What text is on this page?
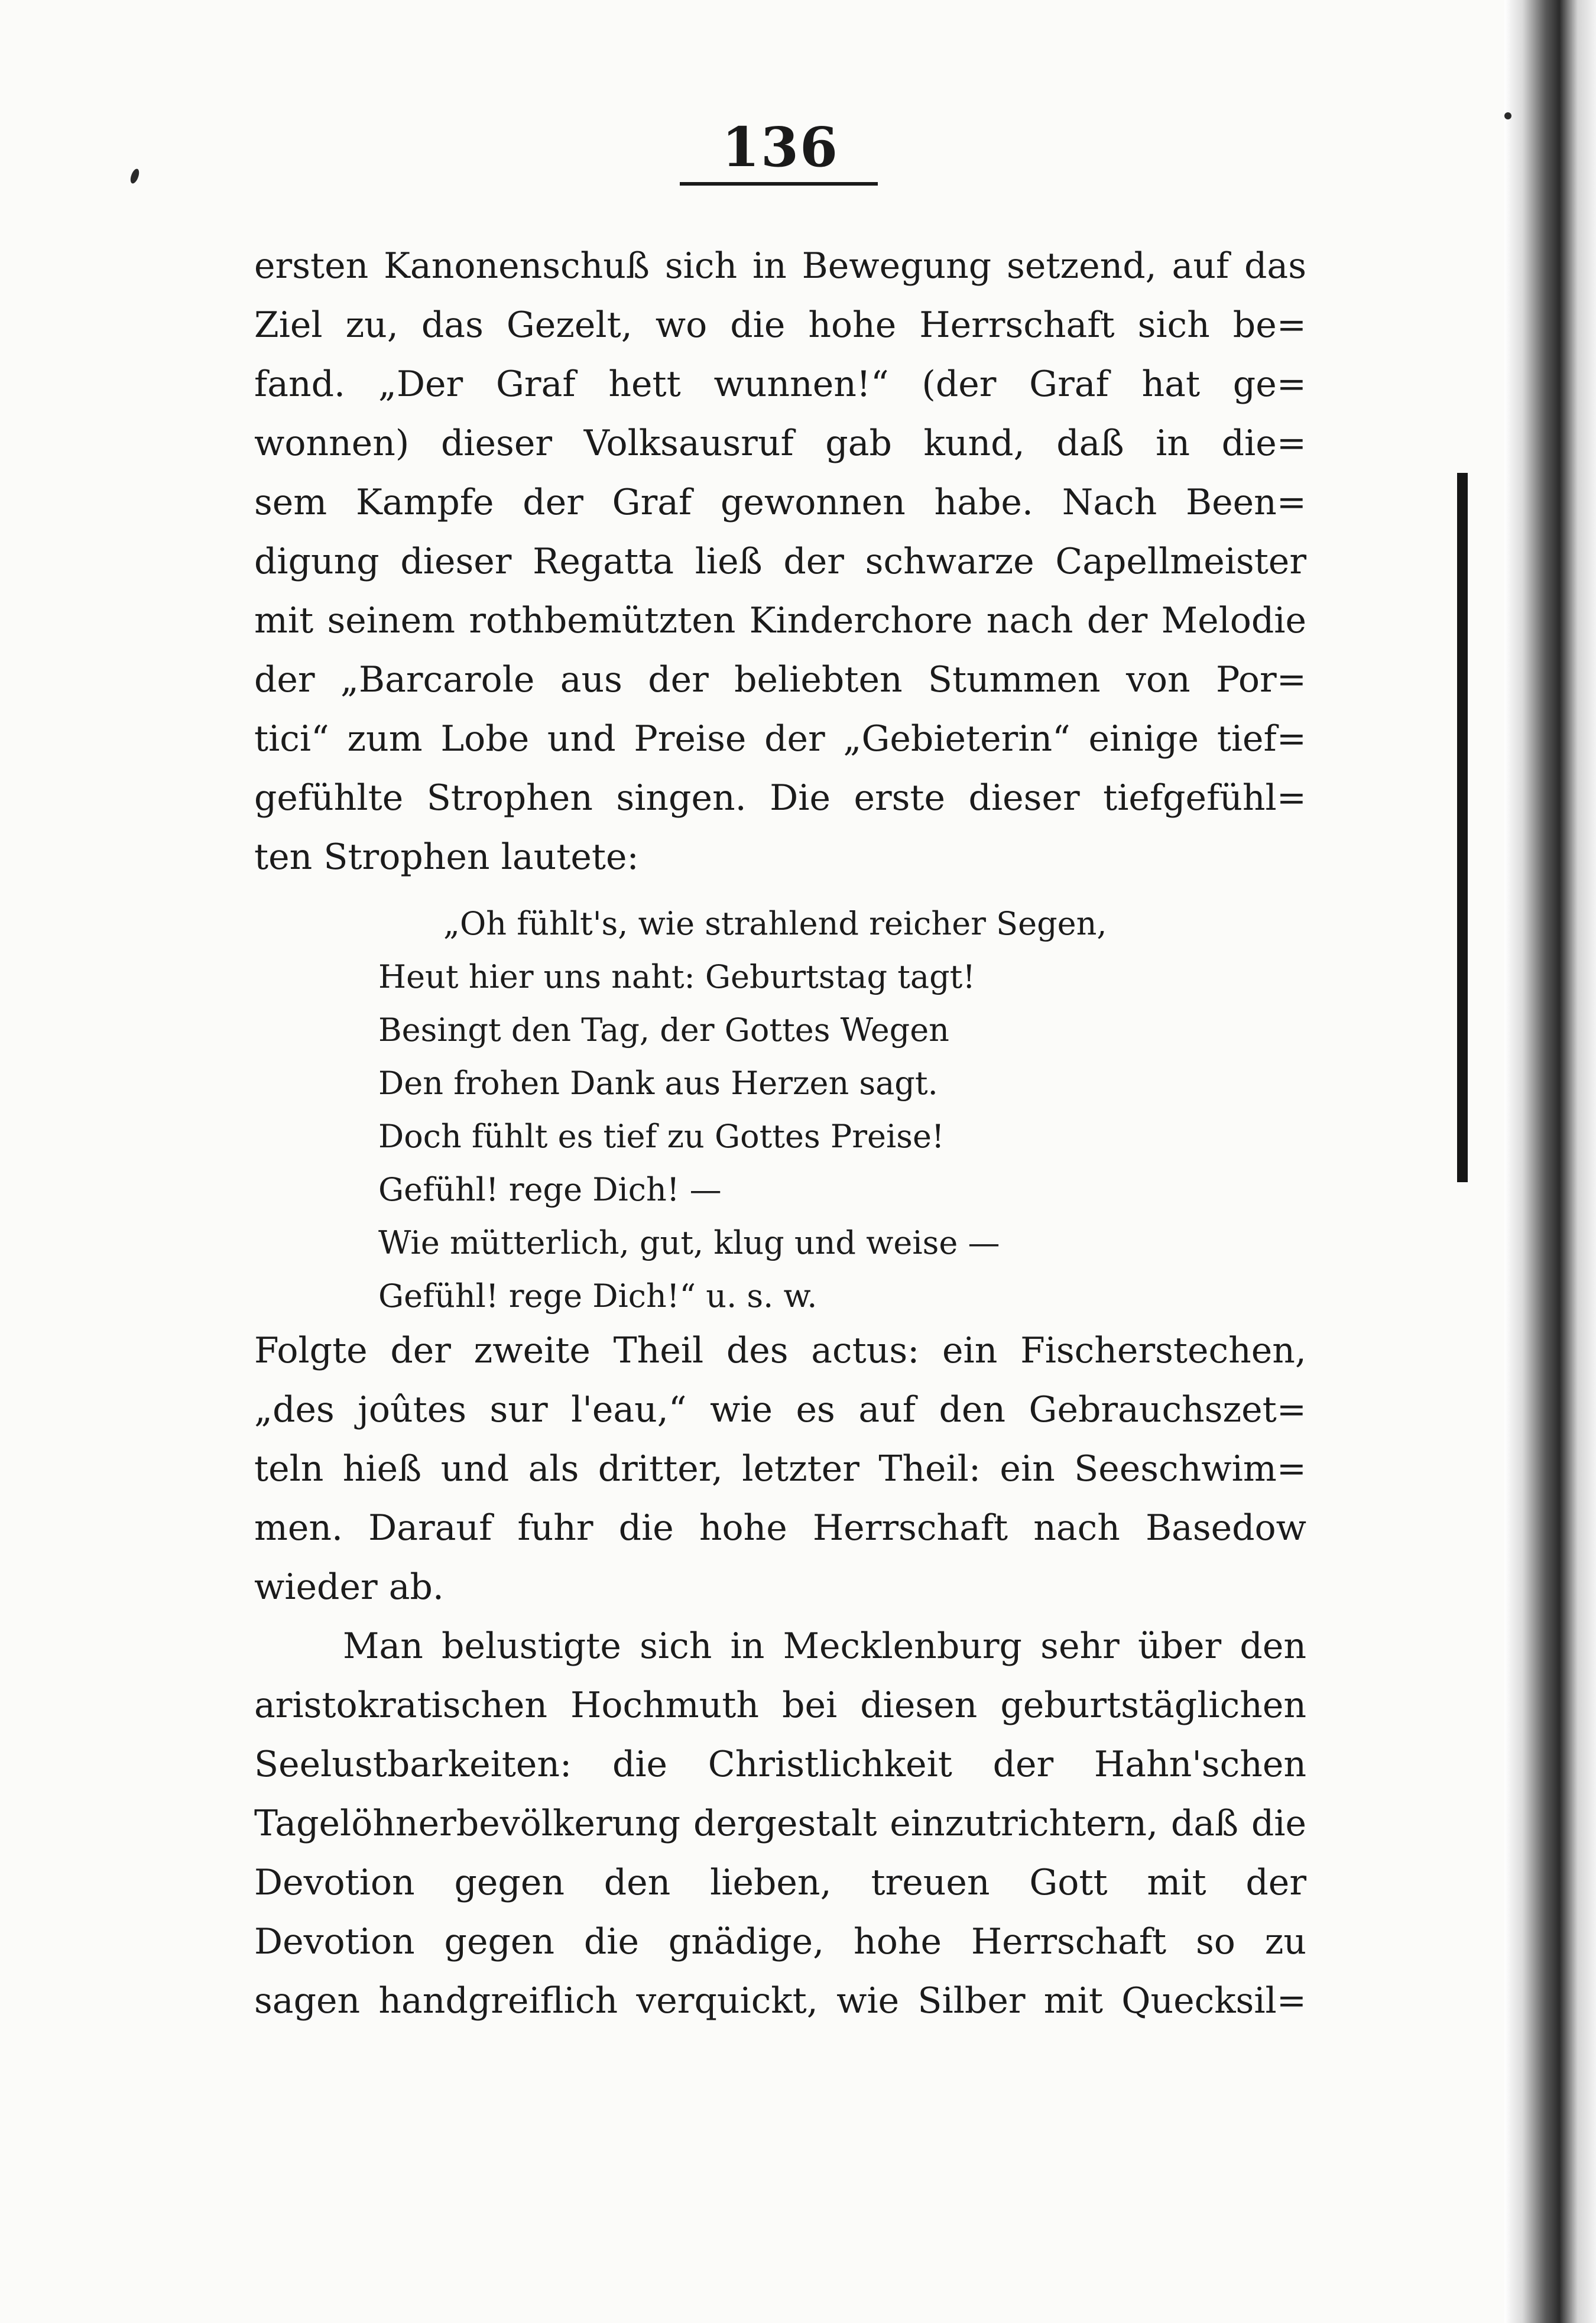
136
ersten Kanonenschuß sich in Bewegung setzend, auf das
Ziel zu, das Gezelt, wo die hohe Herrschaft sich be=
fand. „Der Graf hett wunnen!“ (der Graf hat ge=
wonnen) dieser Volksausruf gab kund, daß in die=
sem Kampfe der Graf gewonnen habe. Nach Been=
digung dieser Regatta ließ der schwarze Capellmeister
mit seinem rothbemützten Kinderchore nach der Melodie
der „Barcarole aus der beliebten Stummen von Por=
tici“ zum Lobe und Preise der „Gebieterin“ einige tief=
gefühlte Strophen singen. Die erste dieser tiefgefühl=
ten Strophen lautete:
„Oh fühlt's, wie strahlend reicher Segen,
Heut hier uns naht: Geburtstag tagt!
Besingt den Tag, der Gottes Wegen
Den frohen Dank aus Herzen sagt.
Doch fühlt es tief zu Gottes Preise!
Gefühl! rege Dich! —
Wie mütterlich, gut, klug und weise —
Gefühl! rege Dich!“ u. s. w.
Folgte der zweite Theil des actus: ein Fischerstechen,
„des joûtes sur l'eau,“ wie es auf den Gebrauchszet=
teln hieß und als dritter, letzter Theil: ein Seeschwim=
men. Darauf fuhr die hohe Herrschaft nach Basedow
wieder ab.
Man belustigte sich in Mecklenburg sehr über den
aristokratischen Hochmuth bei diesen geburtstäglichen
Seelustbarkeiten: die Christlichkeit der Hahn'schen
Tagelöhnerbevölkerung dergestalt einzutrichtern, daß die
Devotion gegen den lieben, treuen Gott mit der
Devotion gegen die gnädige, hohe Herrschaft so zu
sagen handgreiflich verquickt, wie Silber mit Quecksil=
